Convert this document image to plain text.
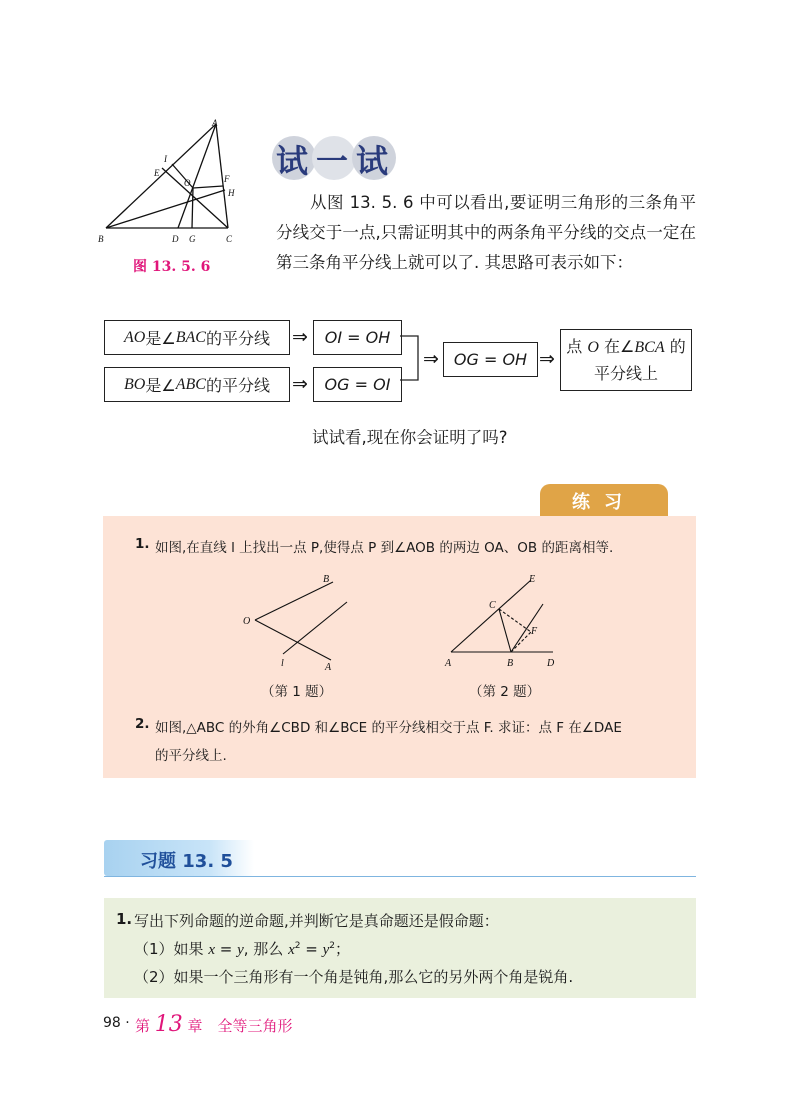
A
B	C
D G
E
I
O	F
H
图 13. 5. 6
试一试
从图 13. 5. 6 中可以看出,要证明三角形的三条角平分线交于一点,只需证明其中的两条角平分线的交点一定在第三条角平分线上就可以了. 其思路可表示如下：
AO 是∠ BAC 的平分线 ⇒	OI = OH
BO 是∠ ABC 的平分线 ⇒	OG = OI
⇒ OG = OH ⇒
点 O 在∠BCA 的
平分线上
试试看,现在你会证明了吗?
练习
1. 如图,在直线 l 上找出一点 P,使得点 P 到∠AOB 的两边 OA、OB 的距离相等.
B
O
l	A
（第 1 题）
E
C
F
A	B	D
（第 2 题）
2. 如图,△ABC 的外角∠CBD 和∠BCE 的平分线相交于点 F. 求证：点 F 在∠DAE
的平分线上.
习题 13. 5
1. 写出下列命题的逆命题,并判断它是真命题还是假命题：
（1）如果 x = y, 那么 $x^2 = y^2$；
（2）如果一个三角形有一个角是钝角,那么它的另外两个角是锐角.
98 · 第 13 章　全等三角形
